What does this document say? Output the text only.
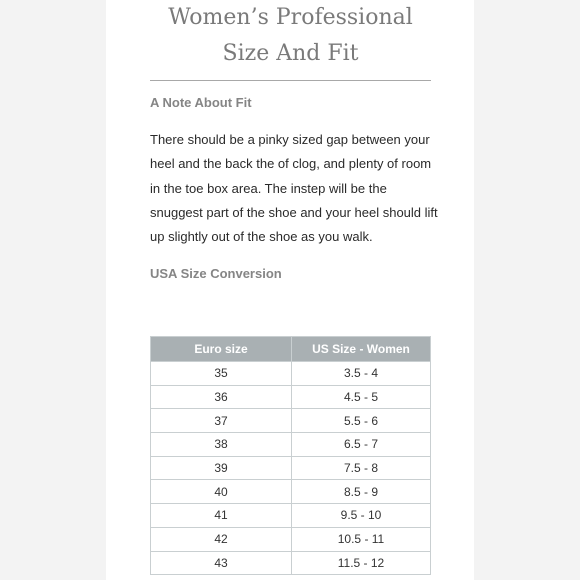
Women’s Professional Size And Fit
A Note About Fit

There should be a pinky sized gap between your heel and the back the of clog, and plenty of room in the toe box area. The instep will be the snuggest part of the shoe and your heel should lift up slightly out of the shoe as you walk.

USA Size Conversion
Euro size	US Size - Women
35	3.5 - 4
36	4.5 - 5
37	5.5 - 6
38	6.5 - 7
39	7.5 - 8
40	8.5 - 9
41	9.5 - 10
42	10.5 - 11
43	11.5 - 12
